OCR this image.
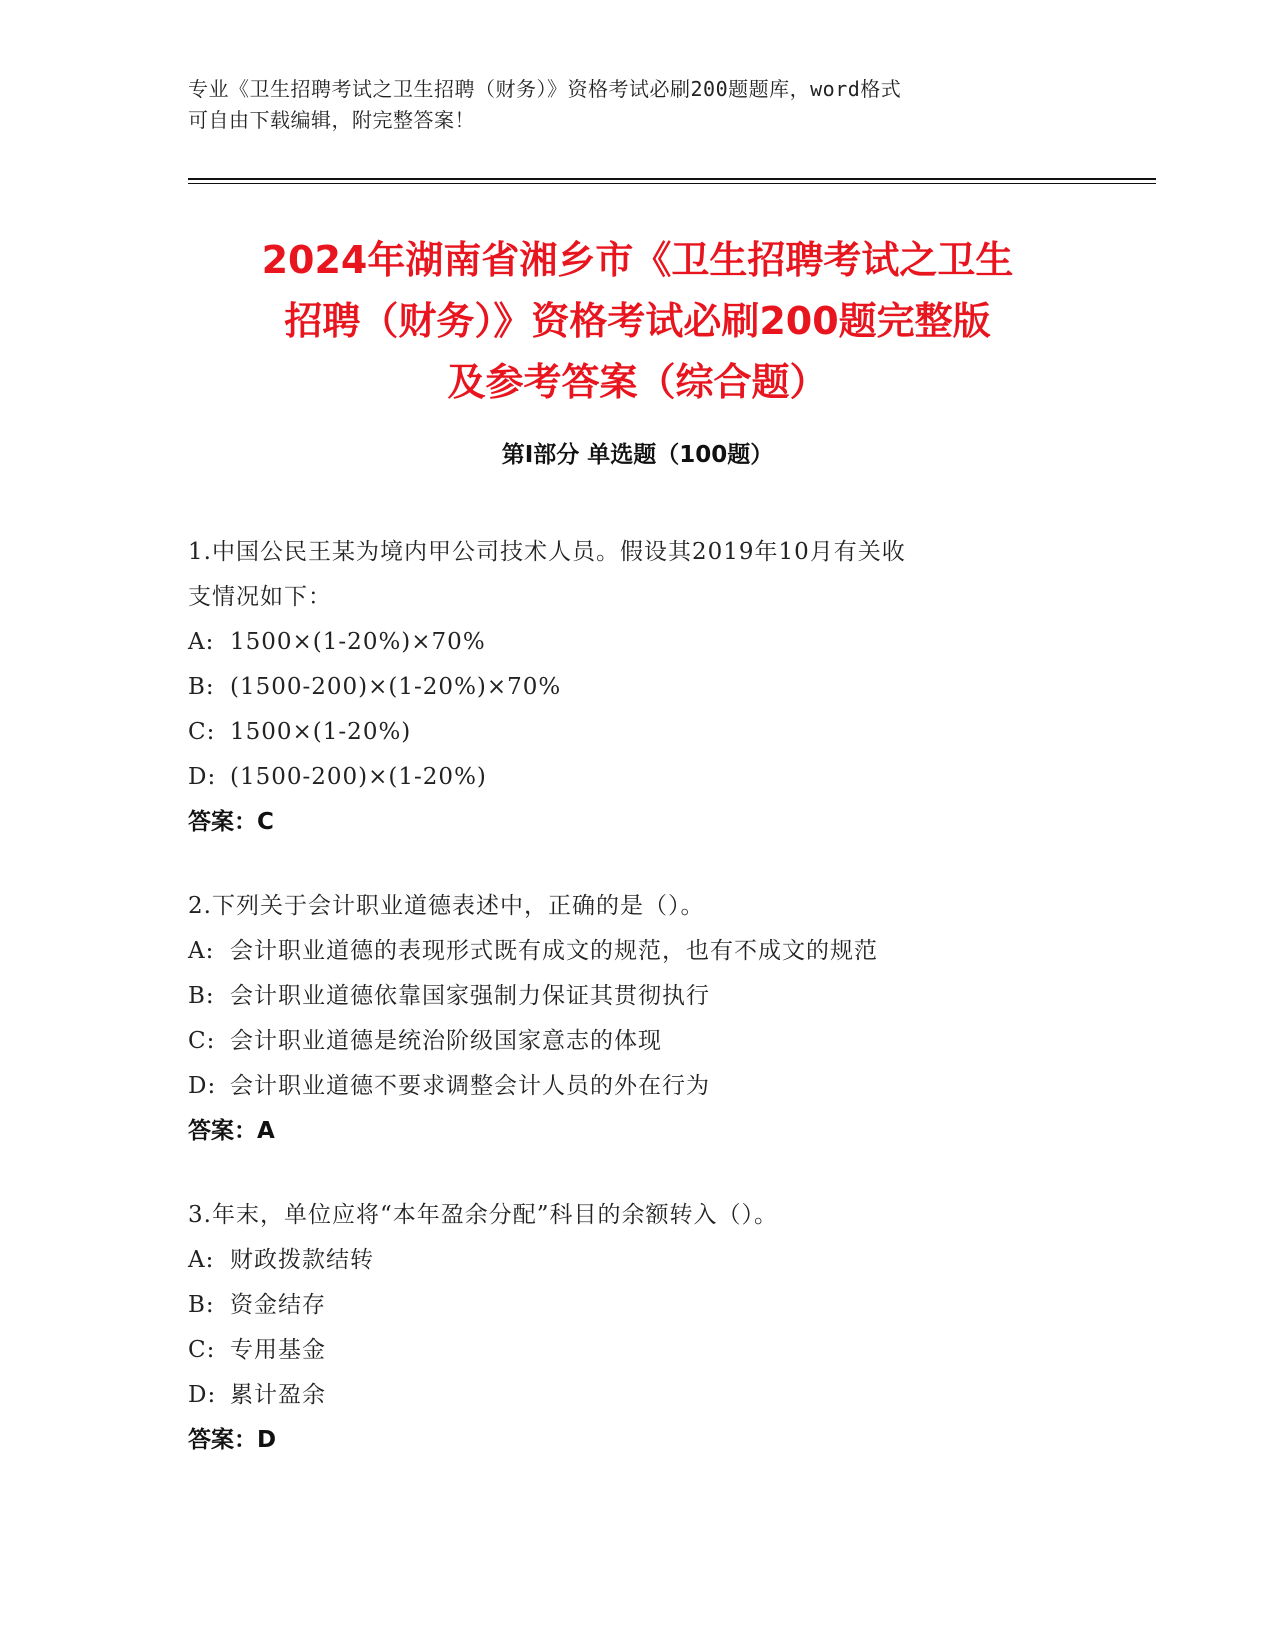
专业《卫生招聘考试之卫生招聘（财务）》资格考试必刷200题题库，word格式
可自由下载编辑，附完整答案！
2024年湖南省湘乡市《卫生招聘考试之卫生
招聘（财务）》资格考试必刷200题完整版
及参考答案（综合题）
第Ⅰ部分 单选题（100题）
1.中国公民王某为境内甲公司技术人员。假设其2019年10月有关收
支情况如下：
A: 1500×(1-20%)×70%
B: (1500-200)×(1-20%)×70%
C: 1500×(1-20%)
D: (1500-200)×(1-20%)
答案：C
2.下列关于会计职业道德表述中，正确的是（）。
A: 会计职业道德的表现形式既有成文的规范，也有不成文的规范
B: 会计职业道德依靠国家强制力保证其贯彻执行
C: 会计职业道德是统治阶级国家意志的体现
D: 会计职业道德不要求调整会计人员的外在行为
答案：A
3.年末，单位应将“本年盈余分配”科目的余额转入（）。
A: 财政拨款结转
B: 资金结存
C: 专用基金
D: 累计盈余
答案：D
